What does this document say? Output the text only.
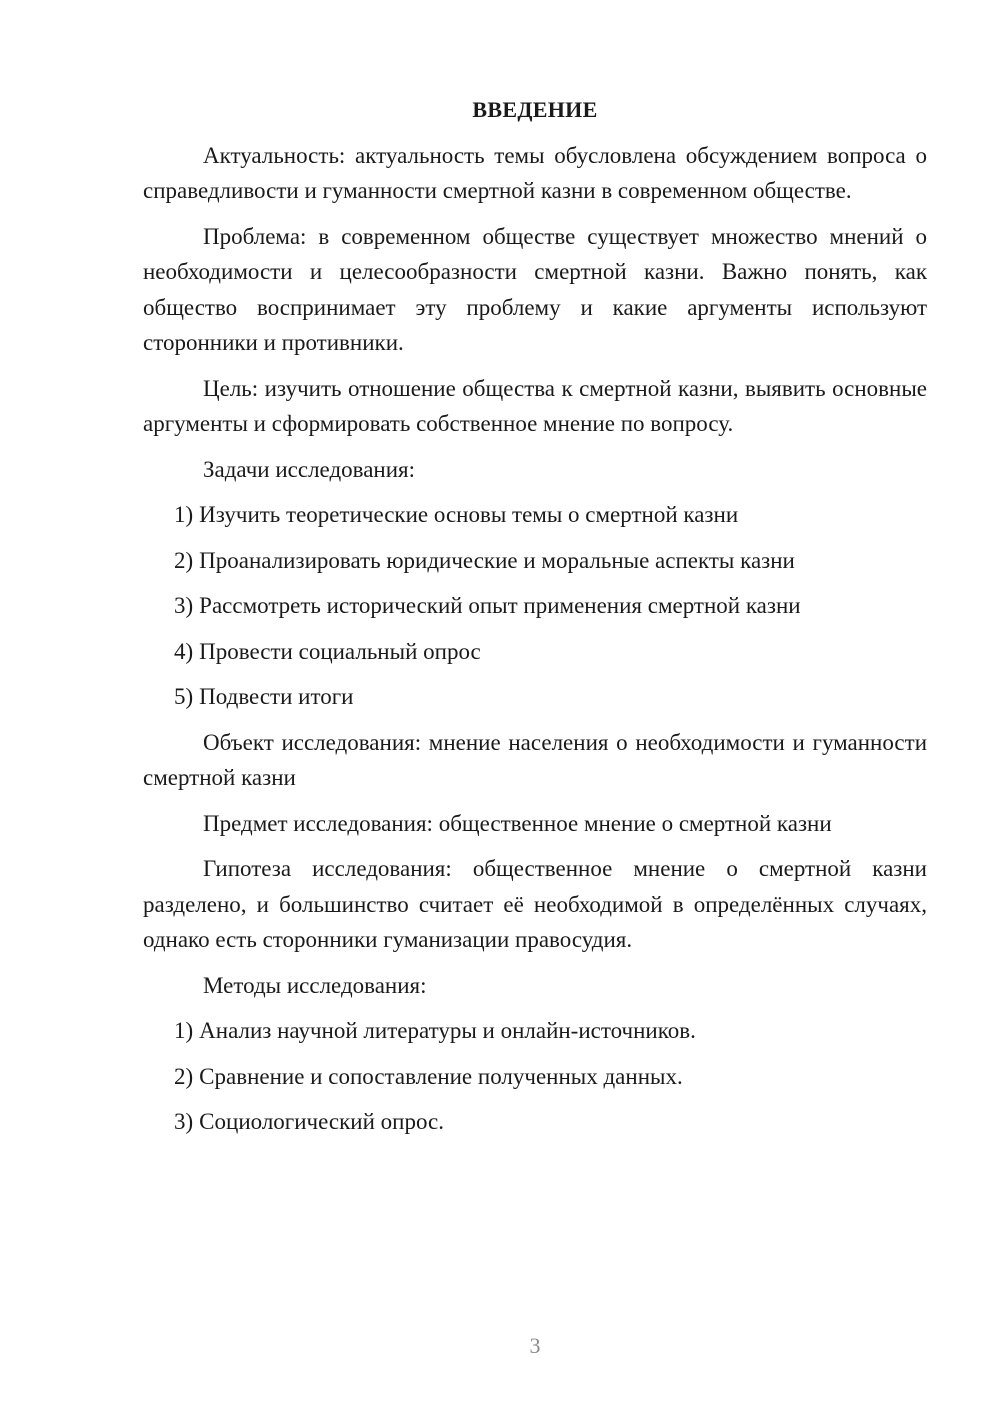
ВВЕДЕНИЕ

Актуальность: актуальность темы обусловлена обсуждением вопроса о справедливости и гуманности смертной казни в современном обществе.

Проблема: в современном обществе существует множество мнений о необходимости и целесообразности смертной казни. Важно понять, как общество воспринимает эту проблему и какие аргументы используют сторонники и противники.

Цель: изучить отношение общества к смертной казни, выявить основные аргументы и сформировать собственное мнение по вопросу.

Задачи исследования:

1) Изучить теоретические основы темы о смертной казни
2) Проанализировать юридические и моральные аспекты казни
3) Рассмотреть исторический опыт применения смертной казни
4) Провести социальный опрос
5) Подвести итоги

Объект исследования: мнение населения о необходимости и гуманности смертной казни

Предмет исследования: общественное мнение о смертной казни

Гипотеза исследования: общественное мнение о смертной казни разделено, и большинство считает её необходимой в определённых случаях, однако есть сторонники гуманизации правосудия.

Методы исследования:

1) Анализ научной литературы и онлайн-источников.
2) Сравнение и сопоставление полученных данных.
3) Социологический опрос.
3
